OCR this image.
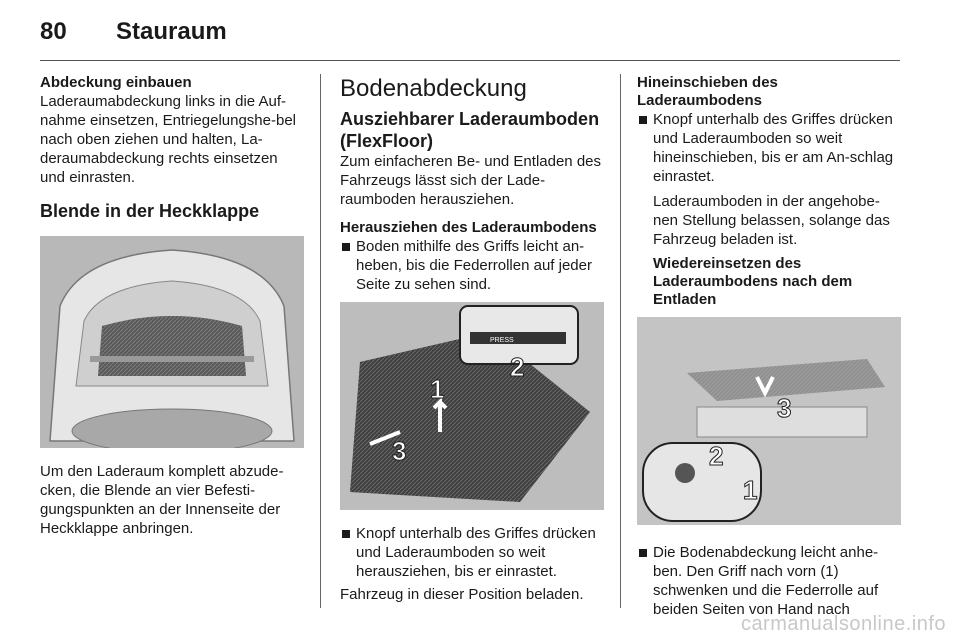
80 Stauraum

Abdeckung einbauen

Laderaumabdeckung links in die Auf-nahme einsetzen, Entriegelungshe-bel nach oben ziehen und halten, La-deraumabdeckung rechts einsetzen und einrasten.

Blende in der Heckklappe

Um den Laderaum komplett abzude-cken, die Blende an vier Befesti-gungspunkten an der Innenseite der Heckklappe anbringen.

Bodenabdeckung
Ausziehbarer Laderaumboden (FlexFloor)

Zum einfacheren Be- und Entladen des Fahrzeugs lässt sich der Lade-raumboden herausziehen.

Herausziehen des Laderaumbodens

Boden mithilfe des Griffs leicht an-heben, bis die Federrollen auf jeder Seite zu sehen sind.
PRESS
1
2
3
Knopf unterhalb des Griffes drücken und Laderaumboden so weit herausziehen, bis er einrastet.

Fahrzeug in dieser Position beladen.

Hineinschieben des Laderaumbodens

Knopf unterhalb des Griffes drücken und Laderaumboden so weit hineinschieben, bis er am An-schlag einrastet.

Laderaumboden in der angehobe-nen Stellung belassen, solange das Fahrzeug beladen ist.

Wiedereinsetzen des Laderaumbodens nach dem Entladen

3
2
1
Die Bodenabdeckung leicht anhe-ben. Den Griff nach vorn (1) schwenken und die Federrolle auf beiden Seiten von Hand nach
carmanualsonline.info
